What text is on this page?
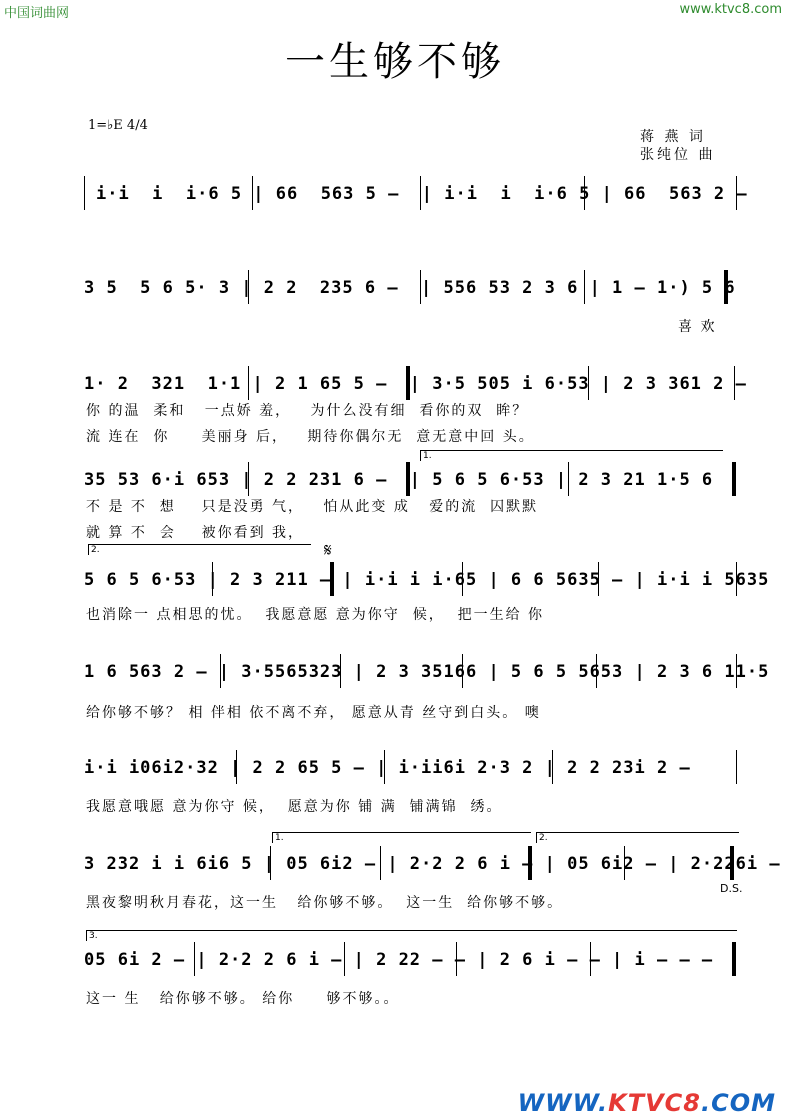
中国词曲网	www.ktvc8.com
一生够不够
1=♭E 4/4
蒋 燕 词
张纯位 曲
i·i  i  i·6 5 | 66  563 5 –  | i·i  i  i·6 5 | 66  563 2 –
3 5  5 6 5· 3 | 2 2  235 6 –  | 556 53 2 3 6 | 1 – 1·) 5 6
喜 欢
1· 2  321  1·1 | 2 1 65 5 –  | 3·5 505 i 6·53 | 2 3 361 2 –
你 的温  柔和   一点娇 羞，   为什么没有细  看你的双  眸？
流 连在  你     美丽身 后，   期待你偶尔无  意无意中回 头。
1.
35 53 6·i 653 | 2 2 231 6 –  | 5 6 5 6·53 | 2 3 21 1·5 6
不 是 不  想    只是没勇 气，   怕从此变 成   爱的流  囚默默
就 算 不  会    被你看到 我，
2.	𝄋
5 6 5 6·53 | 2 3 211 – | i·i i i·65 | 6 6 5635 – | i·i i 5635
也消除一 点相思的忧。  我愿意愿 意为你守  候，  把一生给 你
1 6 563 2 – | 3·5565323 | 2 3 35166 | 5 6 5 5653 | 2 3 6 11·5
给你够不够？ 相 伴相 依不离不弃， 愿意从青 丝守到白头。 噢
i·i i06i2·32 | 2 2 65 5 – | i·ii6i 2·3 2 | 2 2 23i 2 –
我愿意哦愿 意为你守 候，  愿意为你 铺 满  铺满锦  绣。
1.	2.
3 232 i i 6i6 5 | 05 6i2 – | 2·2 2 6 i – | 05 6i2 – | 2·226i –
D.S.
黑夜黎明秋月春花，这一生   给你够不够。  这一生  给你够不够。
3.
05 6i 2 – | 2·2 2 6 i – | 2 22 – – | 2 6 i – – | i – – –
这一 生   给你够不够。 给你     够不够。。
WWW.KTVC8.COM
